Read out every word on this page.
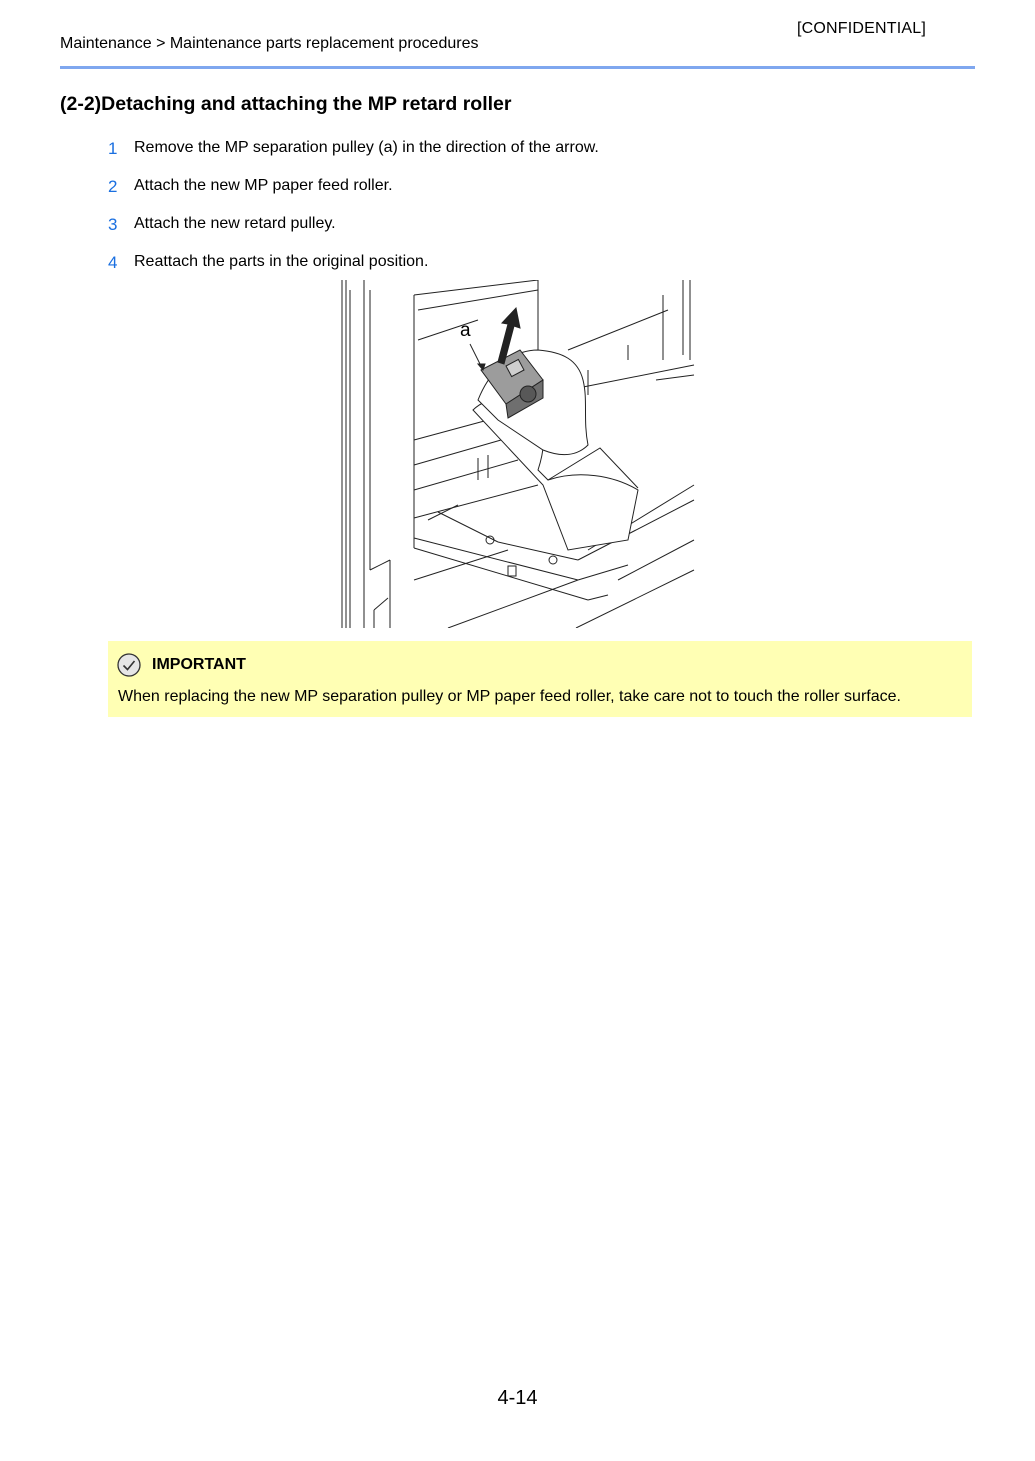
[CONFIDENTIAL]
Maintenance > Maintenance parts replacement procedures
(2-2)Detaching and attaching the MP retard roller
1 Remove the MP separation pulley (a) in the direction of the arrow.
2 Attach the new MP paper feed roller.
3 Attach the new retard pulley.
4 Reattach the parts in the original position.
a
IMPORTANT
When replacing the new MP separation pulley or MP paper feed roller, take care not to touch the roller surface.
4-14
